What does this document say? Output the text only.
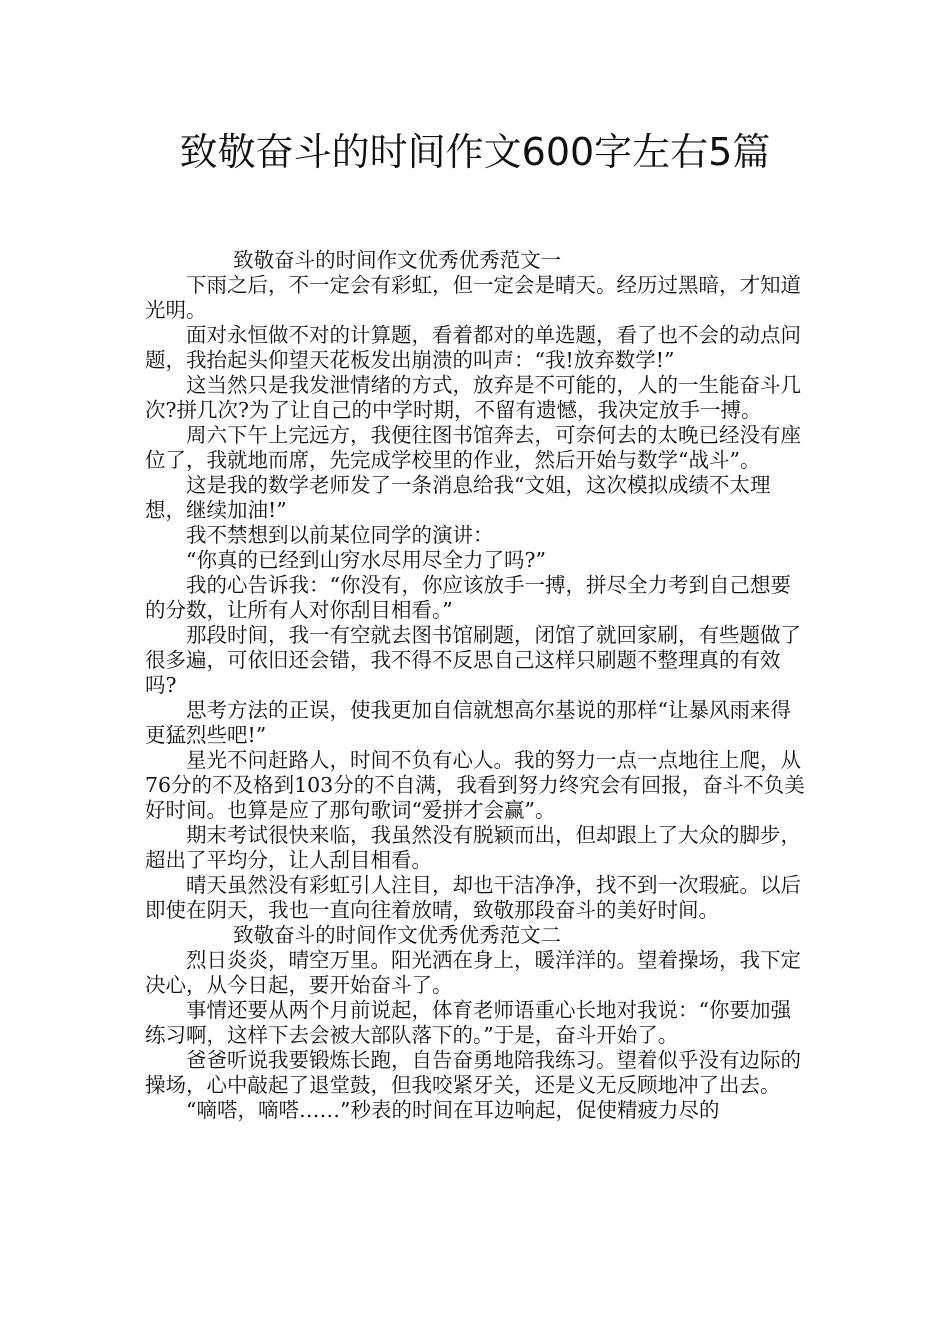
致敬奋斗的时间作文600字左右5篇
致敬奋斗的时间作文优秀优秀范文一
下雨之后，不一定会有彩虹，但一定会是晴天。经历过黑暗，才知道光明。
面对永恒做不对的计算题，看着都对的单选题，看了也不会的动点问题，我抬起头仰望天花板发出崩溃的叫声：“我!放弃数学!”
这当然只是我发泄情绪的方式，放弃是不可能的，人的一生能奋斗几次?拼几次?为了让自己的中学时期，不留有遗憾，我决定放手一搏。
周六下午上完远方，我便往图书馆奔去，可奈何去的太晚已经没有座位了，我就地而席，先完成学校里的作业，然后开始与数学“战斗”。
这是我的数学老师发了一条消息给我“文姐，这次模拟成绩不太理想，继续加油!”
我不禁想到以前某位同学的演讲：
“你真的已经到山穷水尽用尽全力了吗?”
我的心告诉我：“你没有，你应该放手一搏，拼尽全力考到自己想要的分数，让所有人对你刮目相看。”
那段时间，我一有空就去图书馆刷题，闭馆了就回家刷，有些题做了很多遍，可依旧还会错，我不得不反思自己这样只刷题不整理真的有效吗?
思考方法的正误，使我更加自信就想高尔基说的那样“让暴风雨来得更猛烈些吧!”
星光不问赶路人，时间不负有心人。我的努力一点一点地往上爬，从76分的不及格到103分的不自满，我看到努力终究会有回报，奋斗不负美好时间。也算是应了那句歌词“爱拼才会赢”。
期末考试很快来临，我虽然没有脱颖而出，但却跟上了大众的脚步，超出了平均分，让人刮目相看。
晴天虽然没有彩虹引人注目，却也干洁净净，找不到一次瑕疵。以后即使在阴天，我也一直向往着放晴，致敬那段奋斗的美好时间。
致敬奋斗的时间作文优秀优秀范文二
烈日炎炎，晴空万里。阳光洒在身上，暖洋洋的。望着操场，我下定决心，从今日起，要开始奋斗了。
事情还要从两个月前说起，体育老师语重心长地对我说：“你要加强练习啊，这样下去会被大部队落下的。”于是，奋斗开始了。
爸爸听说我要锻炼长跑，自告奋勇地陪我练习。望着似乎没有边际的操场，心中敲起了退堂鼓，但我咬紧牙关，还是义无反顾地冲了出去。
“嘀嗒，嘀嗒……”秒表的时间在耳边响起，促使精疲力尽的
